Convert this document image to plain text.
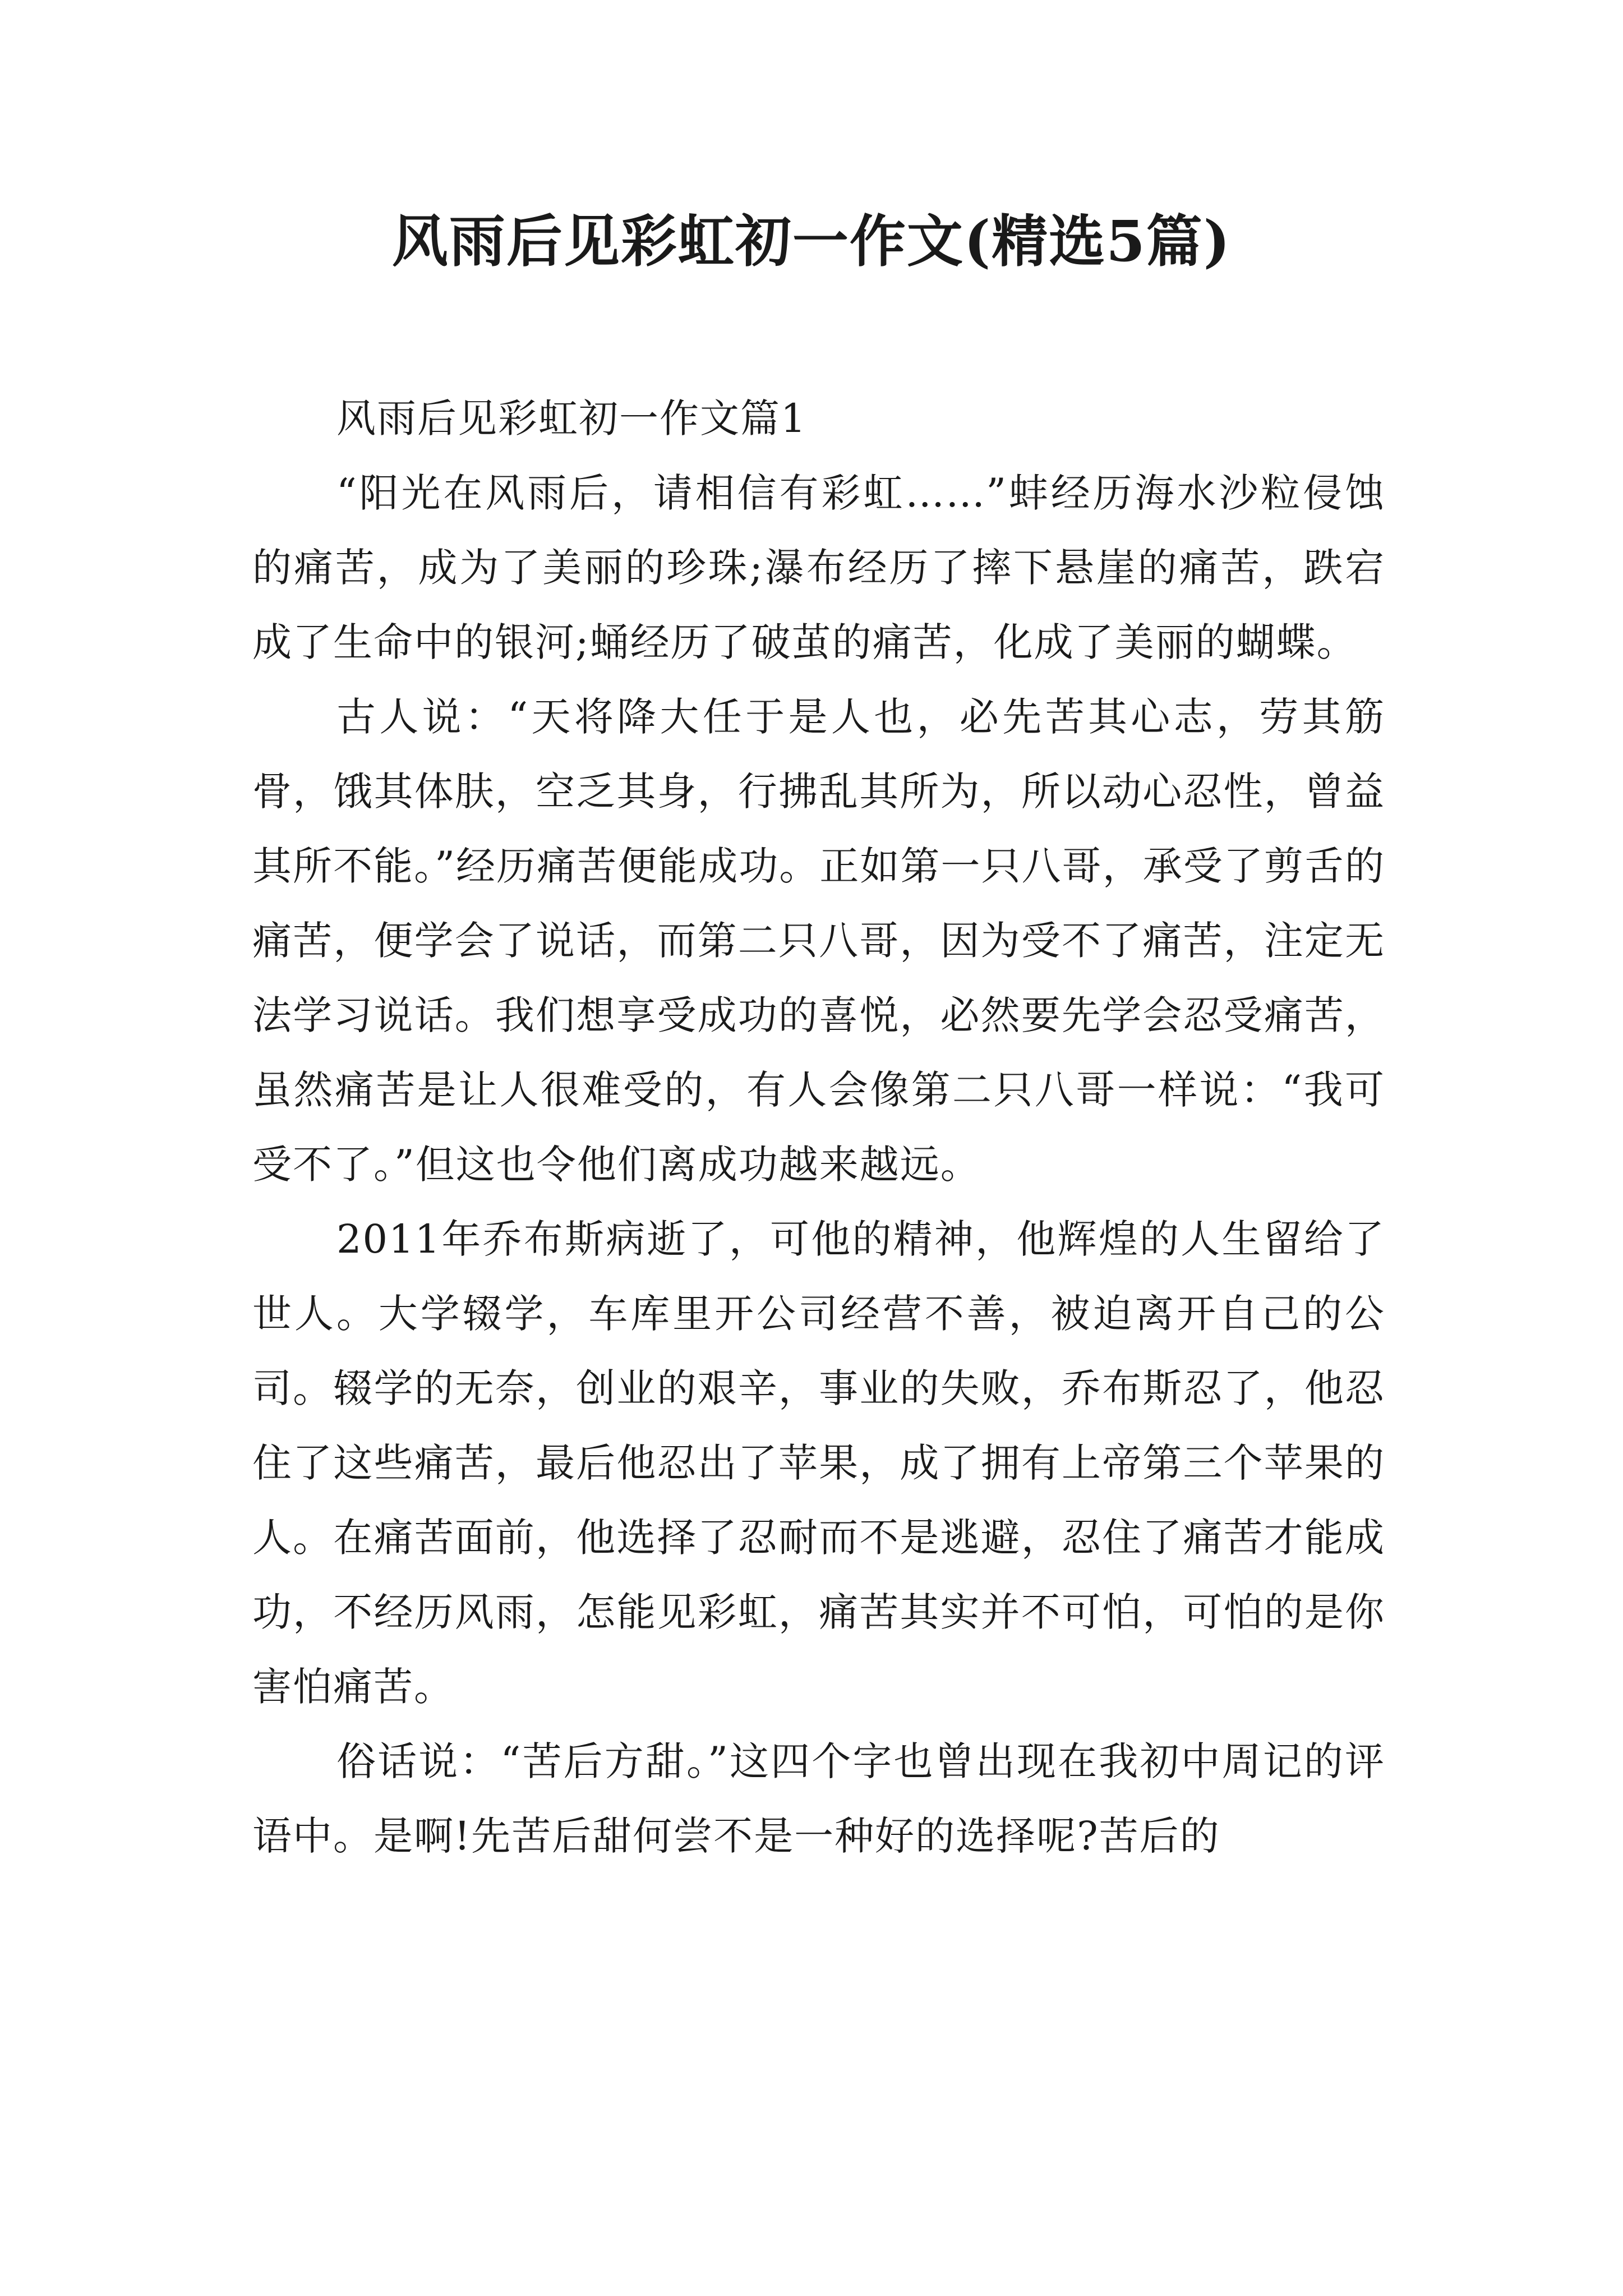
风雨后见彩虹初一作文(精选5篇)

风雨后见彩虹初一作文篇1

“阳光在风雨后，请相信有彩虹……”蚌经历海水沙粒侵蚀的痛苦，成为了美丽的珍珠;瀑布经历了摔下悬崖的痛苦，跌宕成了生命中的银河;蛹经历了破茧的痛苦，化成了美丽的蝴蝶。

古人说：“天将降大任于是人也，必先苦其心志，劳其筋骨，饿其体肤，空乏其身，行拂乱其所为，所以动心忍性，曾益其所不能。”经历痛苦便能成功。正如第一只八哥，承受了剪舌的痛苦，便学会了说话，而第二只八哥，因为受不了痛苦，注定无法学习说话。我们想享受成功的喜悦，必然要先学会忍受痛苦，虽然痛苦是让人很难受的，有人会像第二只八哥一样说：“我可受不了。”但这也令他们离成功越来越远。

2011年乔布斯病逝了，可他的精神，他辉煌的人生留给了世人。大学辍学，车库里开公司经营不善，被迫离开自己的公司。辍学的无奈，创业的艰辛，事业的失败，乔布斯忍了，他忍住了这些痛苦，最后他忍出了苹果，成了拥有上帝第三个苹果的人。在痛苦面前，他选择了忍耐而不是逃避，忍住了痛苦才能成功，不经历风雨，怎能见彩虹，痛苦其实并不可怕，可怕的是你害怕痛苦。

俗话说：“苦后方甜。”这四个字也曾出现在我初中周记的评语中。是啊!先苦后甜何尝不是一种好的选择呢?苦后的
